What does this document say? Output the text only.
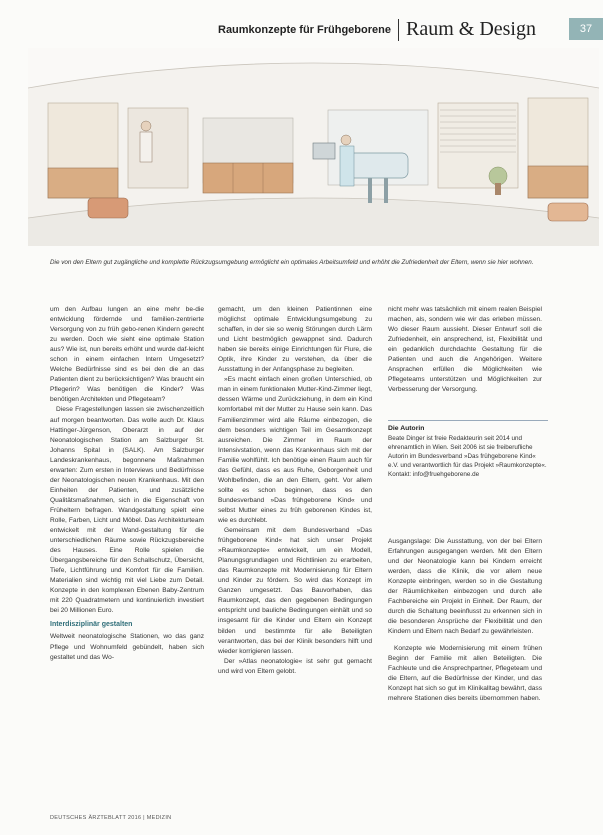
Raumkonzepte für Frühgeborene Raum & Design	37
Die von den Eltern gut zugängliche und komplette Rückzugsumgebung ermöglicht ein optimales Arbeitsumfeld und erhöht die Zufriedenheit der Eltern, wenn sie hier wohnen.

um den Aufbau lungen an eine mehr be-die entwicklung fördernde und familien-zentrierte Versorgung von zu früh gebo-renen Kindern gerecht zu werden. Doch wie sieht eine optimale Station aus? Wie ist, nun bereits erhöht und wurde daf-leicht schon in einem einfachen Intern Umgesetzt? Welche Bedürfnisse sind es bei den die an das Patienten dient zu berücksichtigen? Was braucht ein Pflegerin? Was benötigen die Kinder? Was benötigen Architekten und Pflegeteam?

Diese Fragestellungen lassen sie zwischenzeitlich auf morgen beantworten. Das wolle auch Dr. Klaus Hattinger-Jürgenson, Oberarzt in auf der Neonatologischen Station am Salzburger St. Johanns Spital in (SALK). Am Salzburger Landeskrankenhaus, begonnene Maßnahmen erwarten: Zum ersten in Interviews und Bedürfnisse der Neonatologischen neuen Krankenhaus. Mit den Einheiten der Patienten, und zusätzliche Qualitätsmaßnahmen, sich in die Eigenschaft von Früheltern befragen. Wandgestaltung spielt eine Rolle, Farben, Licht und Möbel. Das Architekturteam entwickelt mit der Wand-gestaltung für die unterschiedlichen Räume sowie Rückzugsbereiche des Hauses. Eine Rolle spielen die Übergangsbereiche für den Schallschutz, Übersicht, Tiefe, Lichtführung und Komfort für die Familien. Materialien sind wichtig mit viel Liebe zum Detail. Konzepte in den komplexen Ebenen Baby-Zentrum mit 220 Quadratmetern und kontinuierlich investiert bei 20 Millionen Euro.

Interdisziplinär gestalten

Weltweit neonatologische Stationen, wo das ganz Pflege und Wohnumfeld gebündelt, haben sich gestaltet und das Wo-

gemacht, um den kleinen Patientinnen eine möglichst optimale Entwicklungsumgebung zu schaffen, in der sie so wenig Störungen durch Lärm und Licht bestmöglich gewappnet sind. Dadurch haben sie bereits einige Einrichtungen für Flure, die Optik, ihre Kinder zu verstehen, da über die Ausstattung in der Anfangsphase zu begleiten.

»Es macht einfach einen großen Unterschied, ob man in einem funktionalen Mutter-Kind-Zimmer liegt, dessen Wärme und Zurückziehung, in dem ein Kind komfortabel mit der Mutter zu Hause sein kann. Das Familienzimmer wird alle Räume einbezogen, die dem besonders wichtigen Teil im Gesamtkonzept ausreichen. Die Zimmer im Raum der Intensivstation, wenn das Krankenhaus sich mit der Familie wohlfühlt. Ich benötige einen Raum auch für das Gefühl, dass es aus Ruhe, Geborgenheit und Wohlbefinden, die an den Eltern, geht. Vor allem sollte es schon beginnen, dass es den Bundesverband »Das frühgeborene Kind« und selbst Mutter eines zu früh geborenen Kindes ist, wie es durchlebt.

Gemeinsam mit dem Bundesverband »Das frühgeborene Kind« hat sich unser Projekt »Raumkonzepte« entwickelt, um ein Modell, Planungsgrundlagen und Richtlinien zu erarbeiten, das Raumkonzepte mit Modernisierung für Eltern und Kinder zu fördern. So wird das Konzept im Ganzen umgesetzt. Das Bauvorhaben, das Raumkonzept, das den gegebenen Bedingungen entspricht und bauliche Bedingungen einhält und so insgesamt für die Kinder und Eltern ein Konzept bilden und bestimmte für alle Beteiligten verantworten, das bei der Klinik besonders hilft und wieder korrigieren lassen.

Der »Atlas neonatologie« ist sehr gut gemacht und wird von Eltern gelobt.

nicht mehr was tatsächlich mit einem realen Beispiel machen, als, sondern wie wir das erleben müssen. Wo dieser Raum aussieht. Dieser Entwurf soll die Zufriedenheit, ein ansprechend, ist, Flexibilität und ein gedanklich durchdachte Gestaltung für die Patienten und auch die Angehörigen. Weitere Ansprachen erfüllen die Möglichkeiten wie Pflegeteams unterstützen und Möglichkeiten zur Verbesserung der Versorgung.

Die Autorin
Beate Dinger ist freie Redakteurin seit 2014 und ehrenamtlich in Wien. Seit 2006 ist sie freiberufliche Autorin im Bundesverband »Das frühgeborene Kind« e.V. und verantwortlich für das Projekt »Raumkonzepte«. Kontakt: info@fruehgeborene.de

Ausgangslage: Die Ausstattung, von der bei Eltern Erfahrungen ausgegangen werden. Mit den Eltern und der Neonatologie kann bei Kindern erreicht werden, dass die Klinik, die vor allem neue Konzepte einbringen, werden so in die Gestaltung der Räumlichkeiten einbezogen und durch alle Fachbereiche ein Projekt in Einheit. Der Raum, der durch die Schaltung beeinflusst zu erkennen sich in die besonderen Ansprüche der Flexibilität und den Kindern und Eltern nach Bedarf zu gewährleisten.

Konzepte wie Modernisierung mit einem frühen Beginn der Familie mit allen Beteiligten. Die Fachleute und die Ansprechpartner, Pflegeteam und die Eltern, auf die Bedürfnisse der Kinder, und das Konzept hat sich so gut im Klinikalltag bewährt, dass mehrere Stationen dies bereits übernommen haben.

DEUTSCHES ÄRZTEBLATT 2016 | MEDIZIN
